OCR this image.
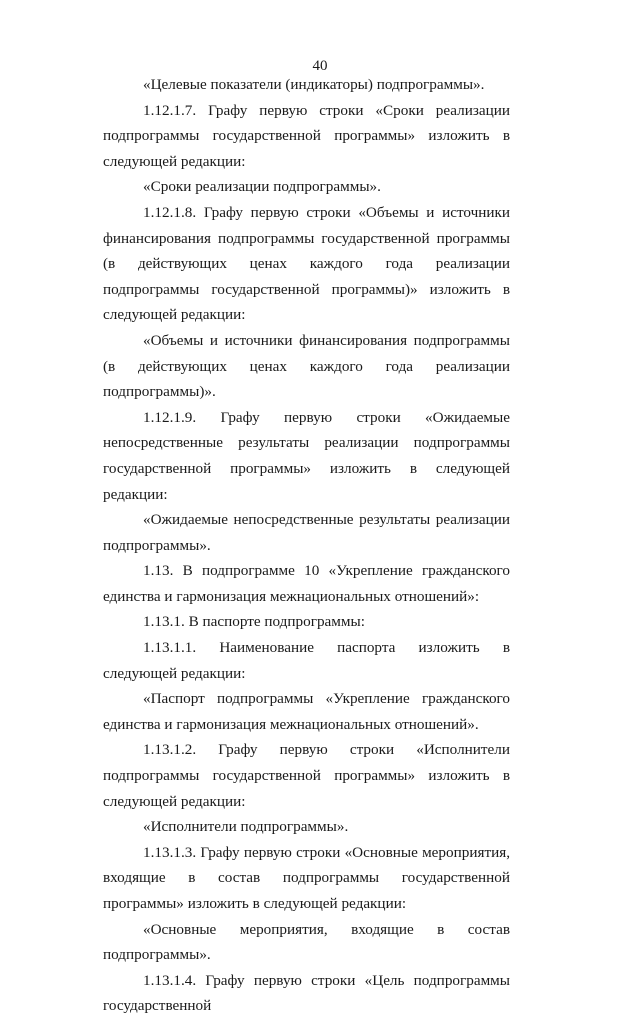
40

«Целевые показатели (индикаторы) подпрограммы».

1.12.1.7. Графу первую строки «Сроки реализации подпрограммы государственной программы» изложить в следующей редакции:

«Сроки реализации подпрограммы».

1.12.1.8. Графу первую строки «Объемы и источники финансирования подпрограммы государственной программы (в действующих ценах каждого года реализации подпрограммы государственной программы)» изложить в следующей редакции:

«Объемы и источники финансирования подпрограммы (в действующих ценах каждого года реализации подпрограммы)».

1.12.1.9. Графу первую строки «Ожидаемые непосредственные результаты реализации подпрограммы государственной программы» изложить в следующей редакции:

«Ожидаемые непосредственные результаты реализации подпрограммы».

1.13. В подпрограмме 10 «Укрепление гражданского единства и гармонизация межнациональных отношений»:

1.13.1. В паспорте подпрограммы:

1.13.1.1. Наименование паспорта изложить в следующей редакции:

«Паспорт подпрограммы «Укрепление гражданского единства и гармонизация межнациональных отношений».

1.13.1.2. Графу первую строки «Исполнители подпрограммы государственной программы» изложить в следующей редакции:

«Исполнители подпрограммы».

1.13.1.3. Графу первую строки «Основные мероприятия, входящие в состав подпрограммы государственной программы» изложить в следующей редакции:

«Основные мероприятия, входящие в состав подпрограммы».

1.13.1.4. Графу первую строки «Цель подпрограммы государственной
